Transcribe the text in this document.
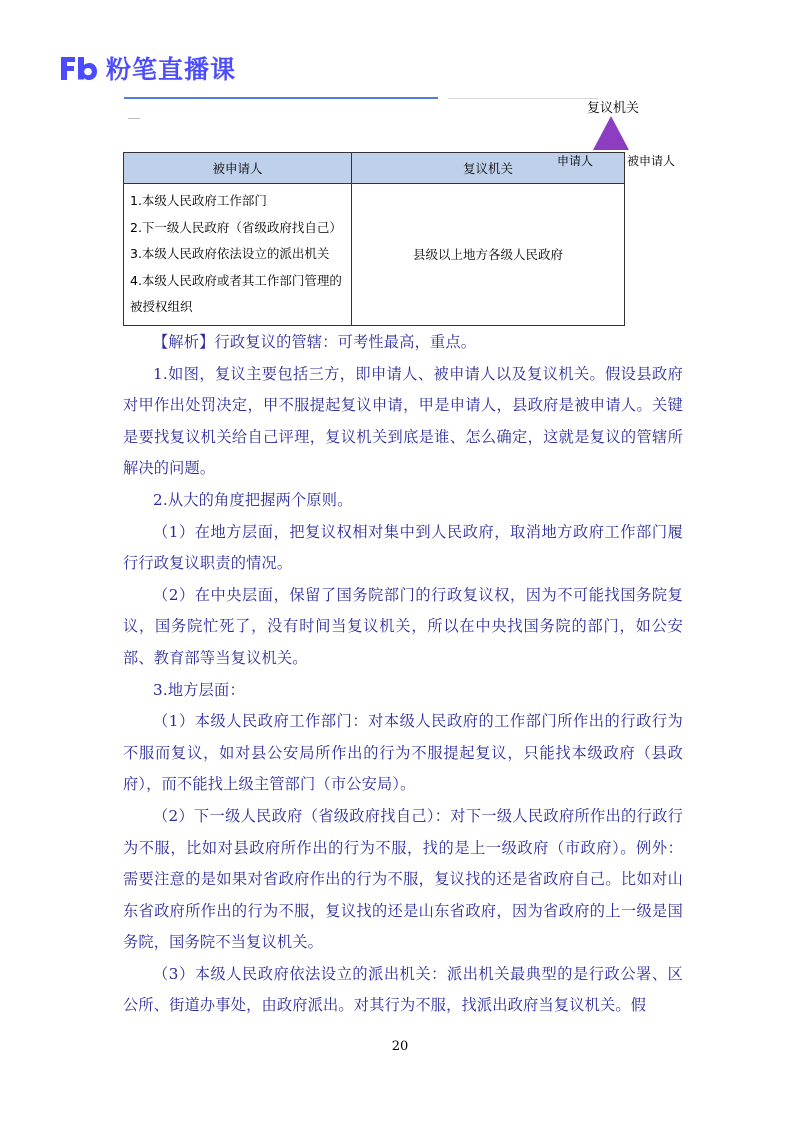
粉笔直播课
复议机关
被申请人	复议机关

1.本级人民政府工作部门
2.下一级人民政府（省级政府找自己）
3.本级人民政府依法设立的派出机关
4.本级人民政府或者其工作部门管理的
被授权组织	县级以上地方各级人民政府
申请人	被申请人

【解析】行政复议的管辖：可考性最高，重点。

1.如图，复议主要包括三方，即申请人、被申请人以及复议机关。假设县政府对甲作出处罚决定，甲不服提起复议申请，甲是申请人，县政府是被申请人。关键是要找复议机关给自己评理，复议机关到底是谁、怎么确定，这就是复议的管辖所解决的问题。

2.从大的角度把握两个原则。

（1）在地方层面，把复议权相对集中到人民政府，取消地方政府工作部门履行行政复议职责的情况。

（2）在中央层面，保留了国务院部门的行政复议权，因为不可能找国务院复议，国务院忙死了，没有时间当复议机关，所以在中央找国务院的部门，如公安部、教育部等当复议机关。

3.地方层面：

（1）本级人民政府工作部门：对本级人民政府的工作部门所作出的行政行为不服而复议，如对县公安局所作出的行为不服提起复议，只能找本级政府（县政府），而不能找上级主管部门（市公安局）。

（2）下一级人民政府（省级政府找自己）：对下一级人民政府所作出的行政行为不服，比如对县政府所作出的行为不服，找的是上一级政府（市政府）。例外：需要注意的是如果对省政府作出的行为不服，复议找的还是省政府自己。比如对山东省政府所作出的行为不服，复议找的还是山东省政府，因为省政府的上一级是国务院，国务院不当复议机关。

（3）本级人民政府依法设立的派出机关：派出机关最典型的是行政公署、区公所、街道办事处，由政府派出。对其行为不服，找派出政府当复议机关。假

20
